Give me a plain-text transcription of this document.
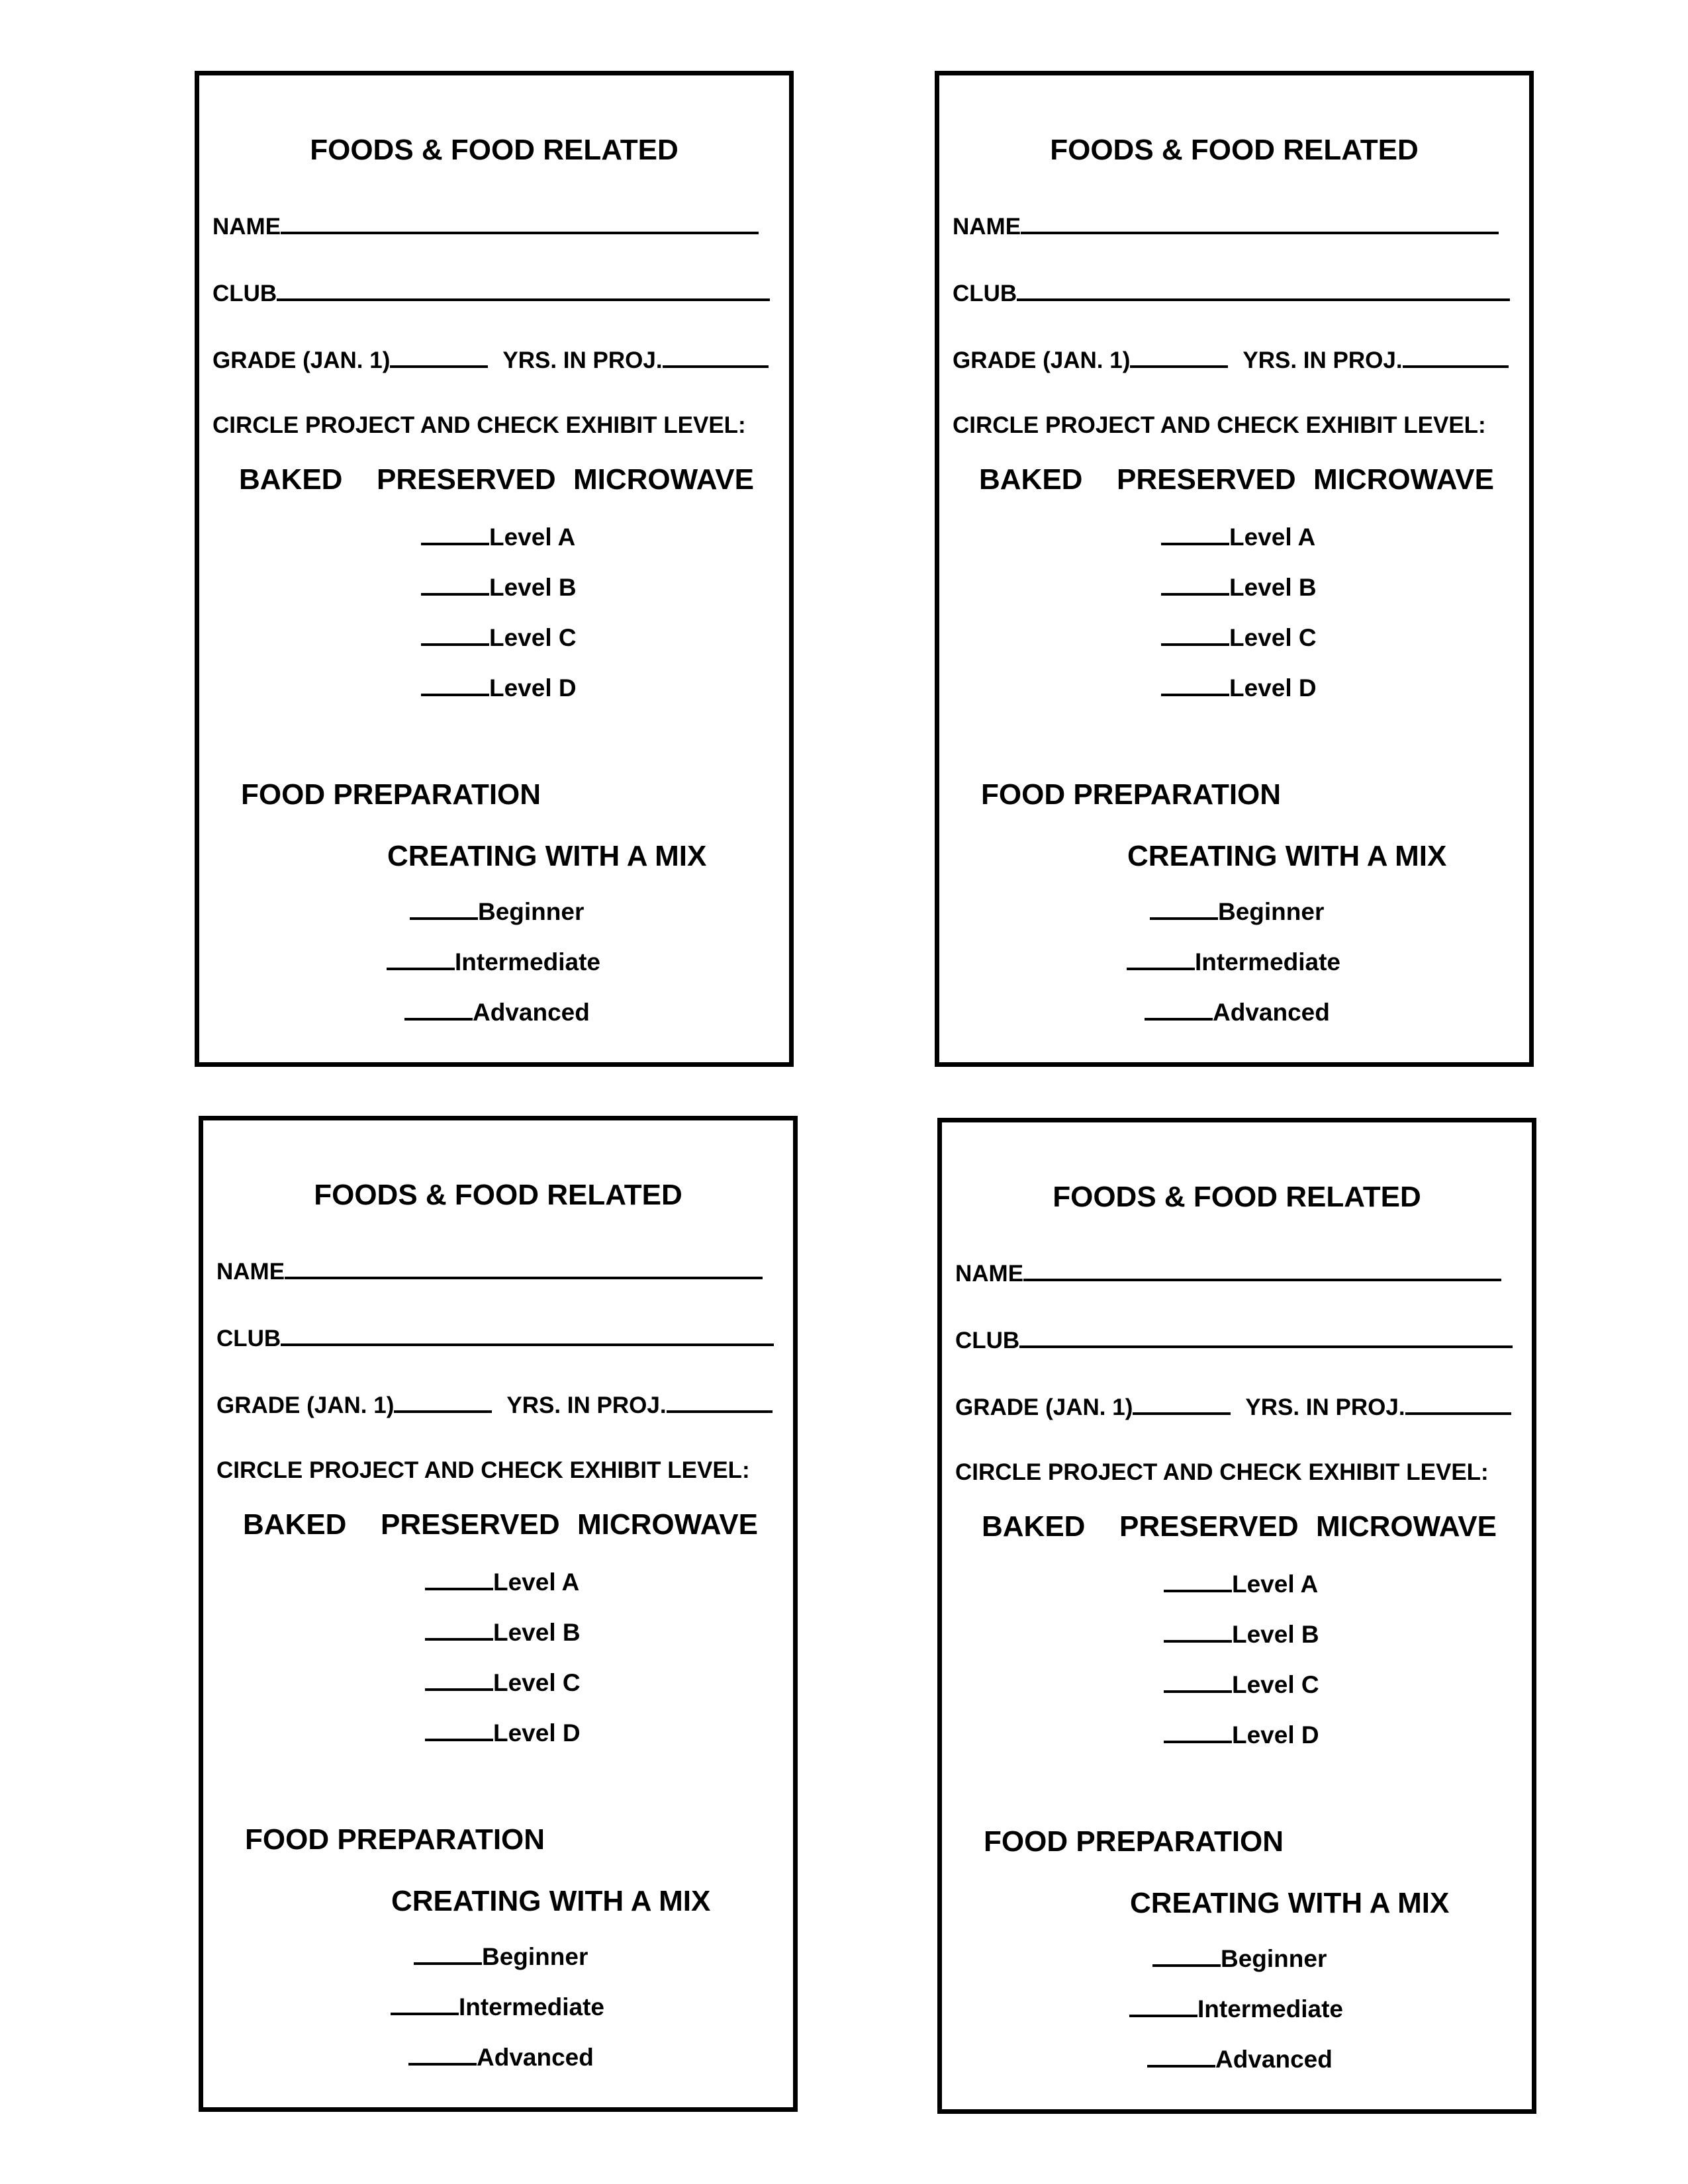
FOODS & FOOD RELATED
NAME
CLUB
GRADE (JAN. 1)	YRS. IN PROJ.
CIRCLE PROJECT AND CHECK EXHIBIT LEVEL:
BAKED PRESERVED MICROWAVE
Level A
Level B
Level C
Level D
FOOD PREPARATION
CREATING WITH A MIX
Beginner
Intermediate
Advanced
FOODS & FOOD RELATED
NAME
CLUB
GRADE (JAN. 1)	YRS. IN PROJ.
CIRCLE PROJECT AND CHECK EXHIBIT LEVEL:
BAKED PRESERVED MICROWAVE
Level A
Level B
Level C
Level D
FOOD PREPARATION
CREATING WITH A MIX
Beginner
Intermediate
Advanced
FOODS & FOOD RELATED
NAME
CLUB
GRADE (JAN. 1)	YRS. IN PROJ.
CIRCLE PROJECT AND CHECK EXHIBIT LEVEL:
BAKED PRESERVED MICROWAVE
Level A
Level B
Level C
Level D
FOOD PREPARATION
CREATING WITH A MIX
Beginner
Intermediate
Advanced
FOODS & FOOD RELATED
NAME
CLUB
GRADE (JAN. 1)	YRS. IN PROJ.
CIRCLE PROJECT AND CHECK EXHIBIT LEVEL:
BAKED PRESERVED MICROWAVE
Level A
Level B
Level C
Level D
FOOD PREPARATION
CREATING WITH A MIX
Beginner
Intermediate
Advanced
